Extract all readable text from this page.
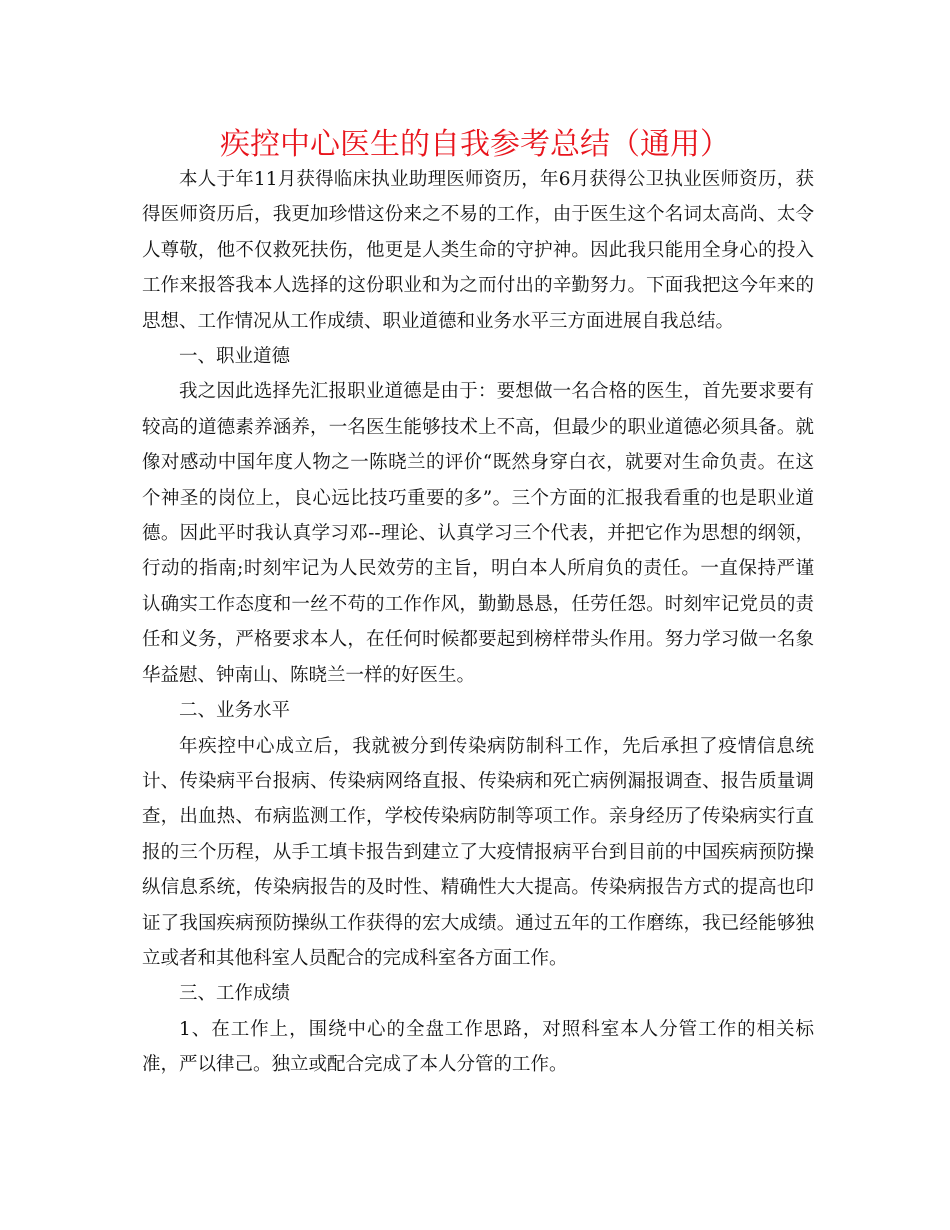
疾控中心医生的自我参考总结（通用）

本人于年11月获得临床执业助理医师资历，年6月获得公卫执业医师资历，获得医师资历后，我更加珍惜这份来之不易的工作，由于医生这个名词太高尚、太令人尊敬，他不仅救死扶伤，他更是人类生命的守护神。因此我只能用全身心的投入工作来报答我本人选择的这份职业和为之而付出的辛勤努力。下面我把这今年来的思想、工作情况从工作成绩、职业道德和业务水平三方面进展自我总结。

一、职业道德

我之因此选择先汇报职业道德是由于：要想做一名合格的医生，首先要求要有较高的道德素养涵养，一名医生能够技术上不高，但最少的职业道德必须具备。就像对感动中国年度人物之一陈晓兰的评价“既然身穿白衣，就要对生命负责。在这个神圣的岗位上，良心远比技巧重要的多”。三个方面的汇报我看重的也是职业道德。因此平时我认真学习邓--理论、认真学习三个代表，并把它作为思想的纲领，行动的指南;时刻牢记为人民效劳的主旨，明白本人所肩负的责任。一直保持严谨认确实工作态度和一丝不苟的工作作风，勤勤恳恳，任劳任怨。时刻牢记党员的责任和义务，严格要求本人，在任何时候都要起到榜样带头作用。努力学习做一名象华益慰、钟南山、陈晓兰一样的好医生。

二、业务水平

年疾控中心成立后，我就被分到传染病防制科工作，先后承担了疫情信息统计、传染病平台报病、传染病网络直报、传染病和死亡病例漏报调查、报告质量调查，出血热、布病监测工作，学校传染病防制等项工作。亲身经历了传染病实行直报的三个历程，从手工填卡报告到建立了大疫情报病平台到目前的中国疾病预防操纵信息系统，传染病报告的及时性、精确性大大提高。传染病报告方式的提高也印证了我国疾病预防操纵工作获得的宏大成绩。通过五年的工作磨练，我已经能够独立或者和其他科室人员配合的完成科室各方面工作。

三、工作成绩

1、在工作上，围绕中心的全盘工作思路，对照科室本人分管工作的相关标准，严以律己。独立或配合完成了本人分管的工作。
